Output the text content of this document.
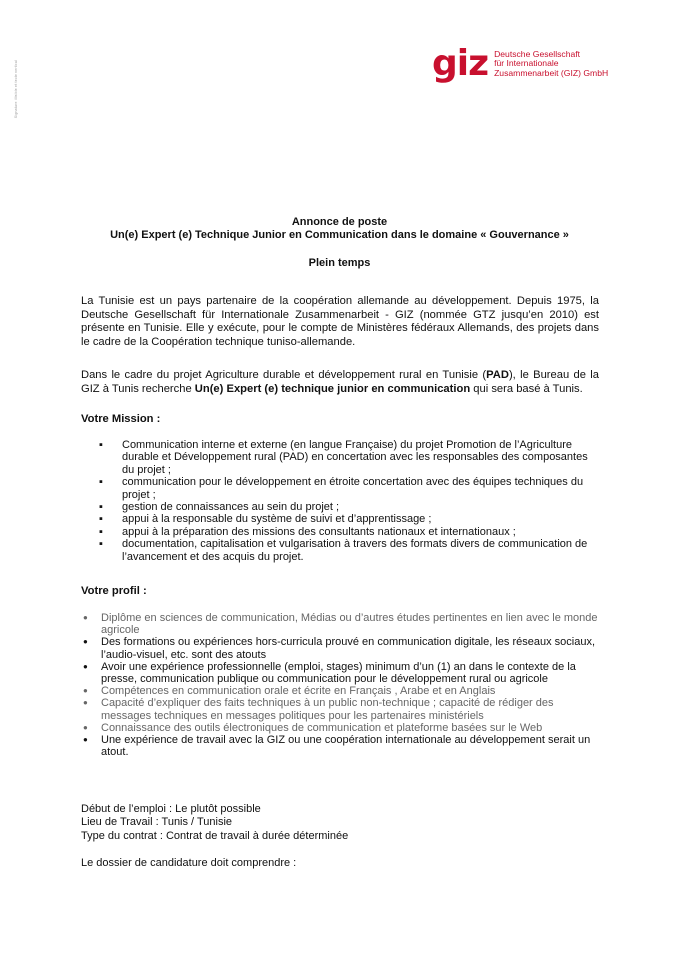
Signature illisible et texte vertical	giz Deutsche Gesellschaft
für Internationale
Zusammenarbeit (GIZ) GmbH
Annonce de poste
Un(e) Expert (e) Technique Junior en Communication dans le domaine « Gouvernance »
Plein temps
La Tunisie est un pays partenaire de la coopération allemande au développement. Depuis 1975, la Deutsche Gesellschaft für Internationale Zusammenarbeit - GIZ (nommée GTZ jusqu’en 2010) est présente en Tunisie. Elle y exécute, pour le compte de Ministères fédéraux Allemands, des projets dans le cadre de la Coopération technique tuniso-allemande.
Dans le cadre du projet Agriculture durable et développement rural en Tunisie (PAD), le Bureau de la GIZ à Tunis recherche Un(e) Expert (e) technique junior en communication qui sera basé à Tunis.
Votre Mission :
▪ Communication interne et externe (en langue Française) du projet Promotion de l’Agriculture durable et Développement rural (PAD) en concertation avec les responsables des composantes du projet ;
▪ communication pour le développement en étroite concertation avec des équipes techniques du projet ;
▪ gestion de connaissances au sein du projet ;
▪ appui à la responsable du système de suivi et d’apprentissage ;
▪ appui à la préparation des missions des consultants nationaux et internationaux ;
▪ documentation, capitalisation et vulgarisation à travers des formats divers de communication de l’avancement et des acquis du projet.
Votre profil :
● Diplôme en sciences de communication, Médias ou d’autres études pertinentes en lien avec le monde agricole
● Des formations ou expériences hors-curricula prouvé en communication digitale, les réseaux sociaux, l’audio-visuel, etc. sont des atouts
● Avoir une expérience professionnelle (emploi, stages) minimum d’un (1) an dans le contexte de la presse, communication publique ou communication pour le développement rural ou agricole
● Compétences en communication orale et écrite en Français , Arabe et en Anglais
● Capacité d’expliquer des faits techniques à un public non-technique ; capacité de rédiger des messages techniques en messages politiques pour les partenaires ministériels
● Connaissance des outils électroniques de communication et plateforme basées sur le Web
● Une expérience de travail avec la GIZ ou une coopération internationale au développement serait un atout.
Début de l’emploi : Le plutôt possible
Lieu de Travail : Tunis / Tunisie
Type du contrat : Contrat de travail à durée déterminée
Le dossier de candidature doit comprendre :
